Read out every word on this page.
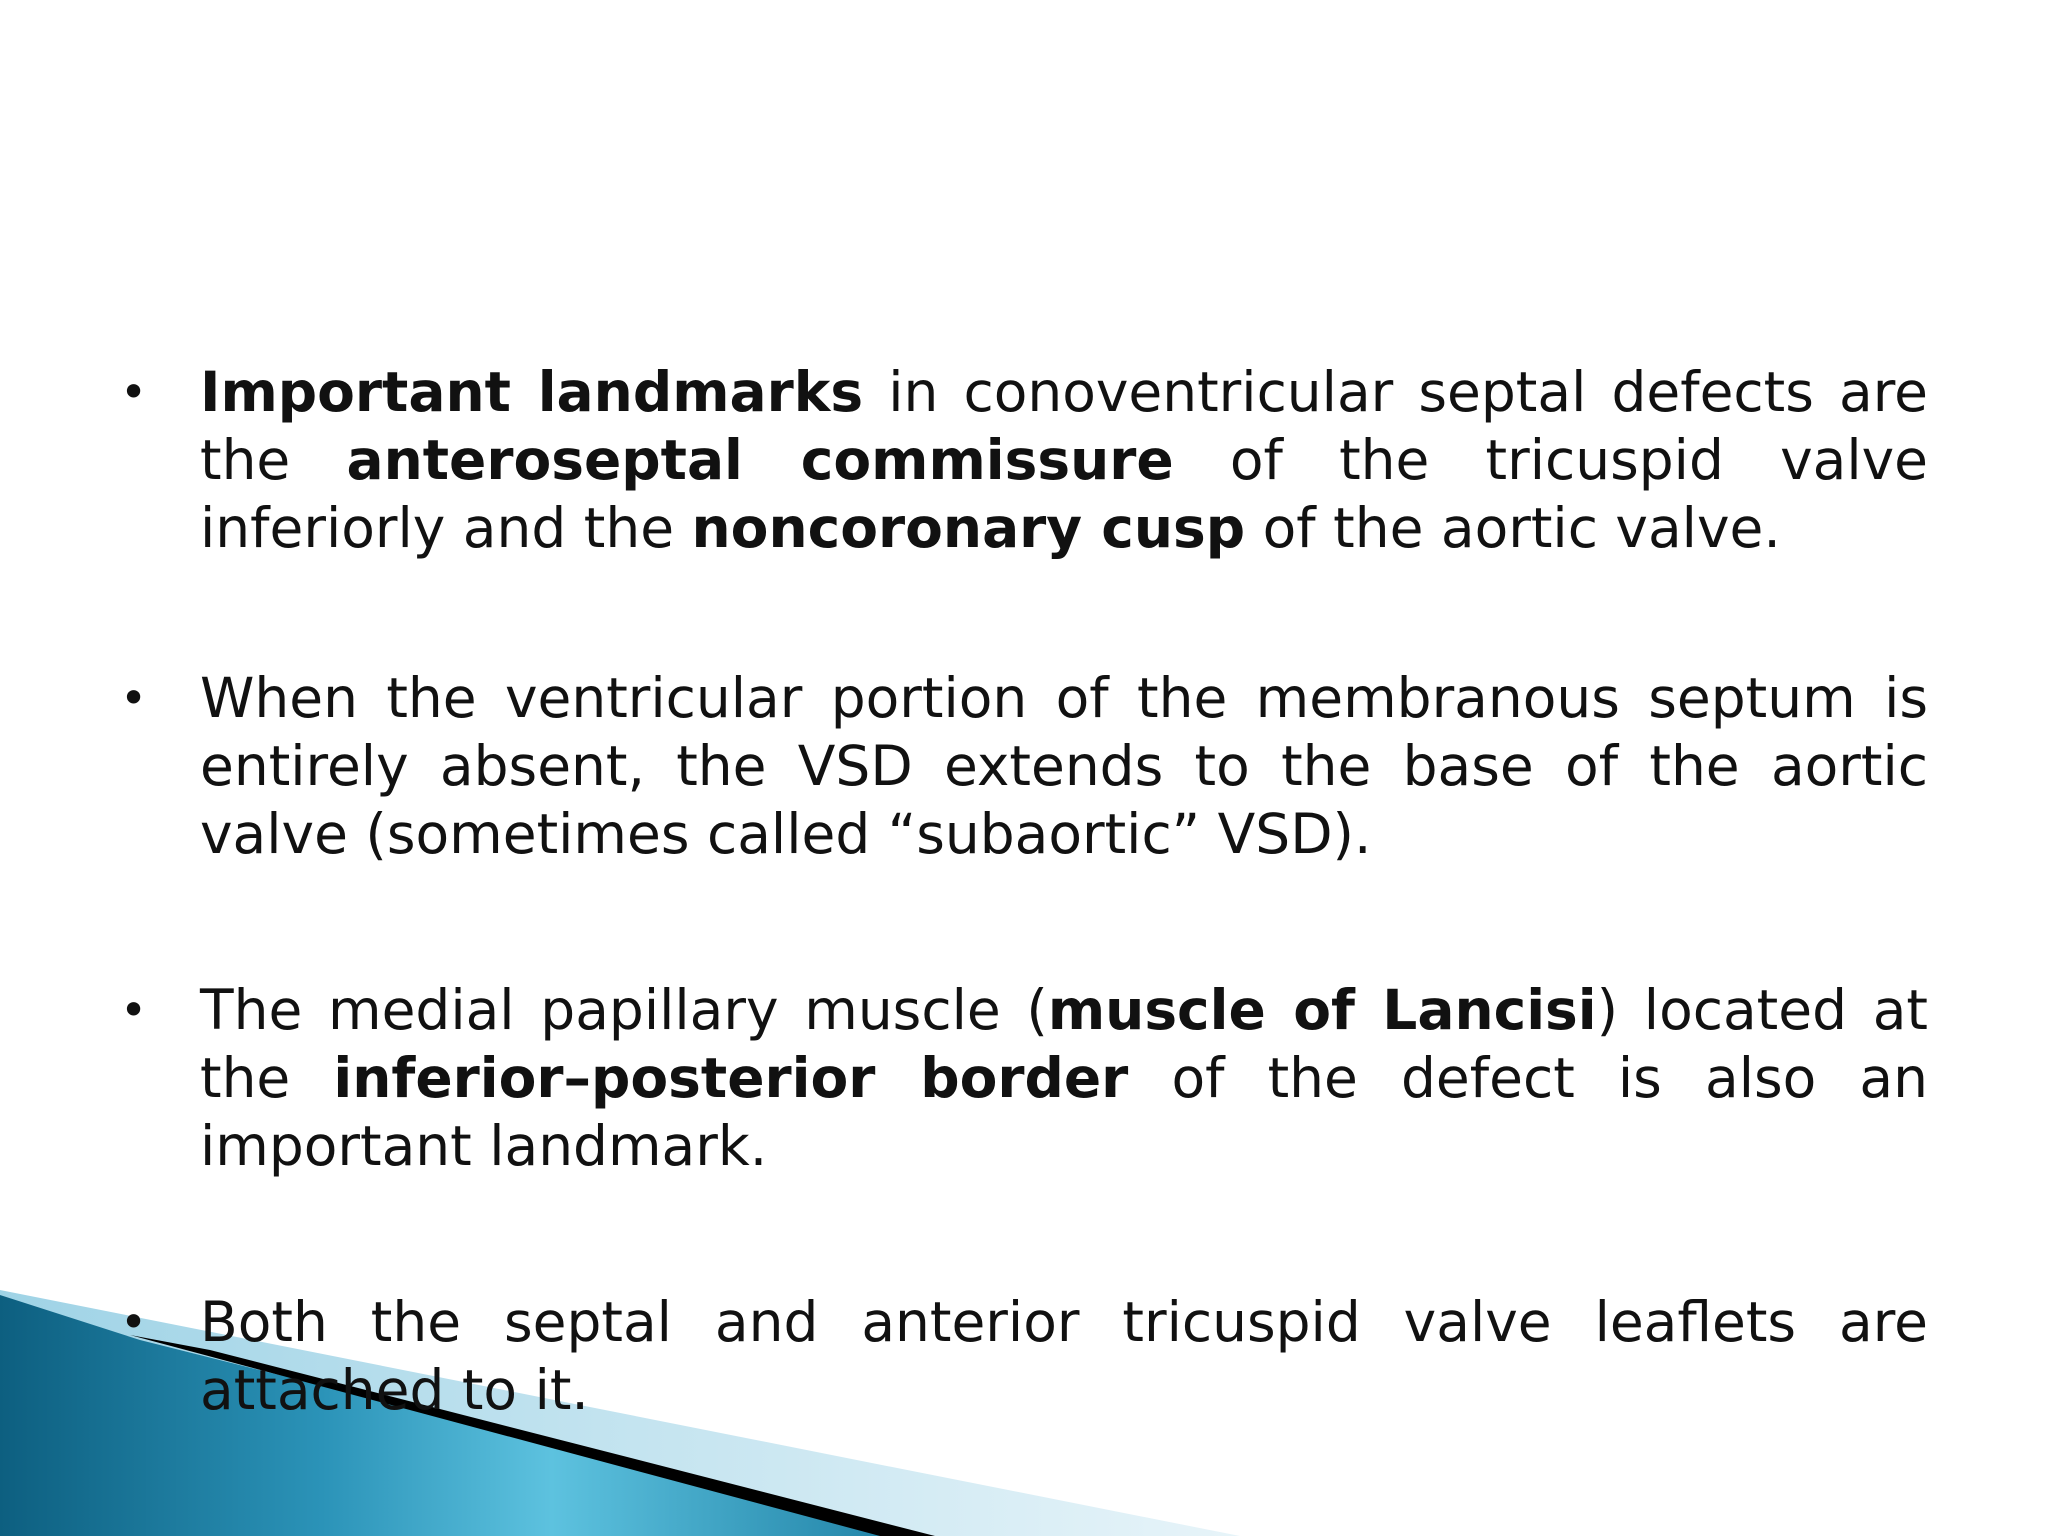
• Important landmarks in conoventricular septal defects are the anteroseptal commissure of the tricuspid valve inferiorly and the noncoronary cusp of the aortic valve.
• When the ventricular portion of the membranous septum is entirely absent, the VSD extends to the base of the aortic valve (sometimes called “subaortic” VSD).
• The medial papillary muscle (muscle of Lancisi) located at the inferior–posterior border of the defect is also an important landmark.
• Both the septal and anterior tricuspid valve leaflets are attached to it.
